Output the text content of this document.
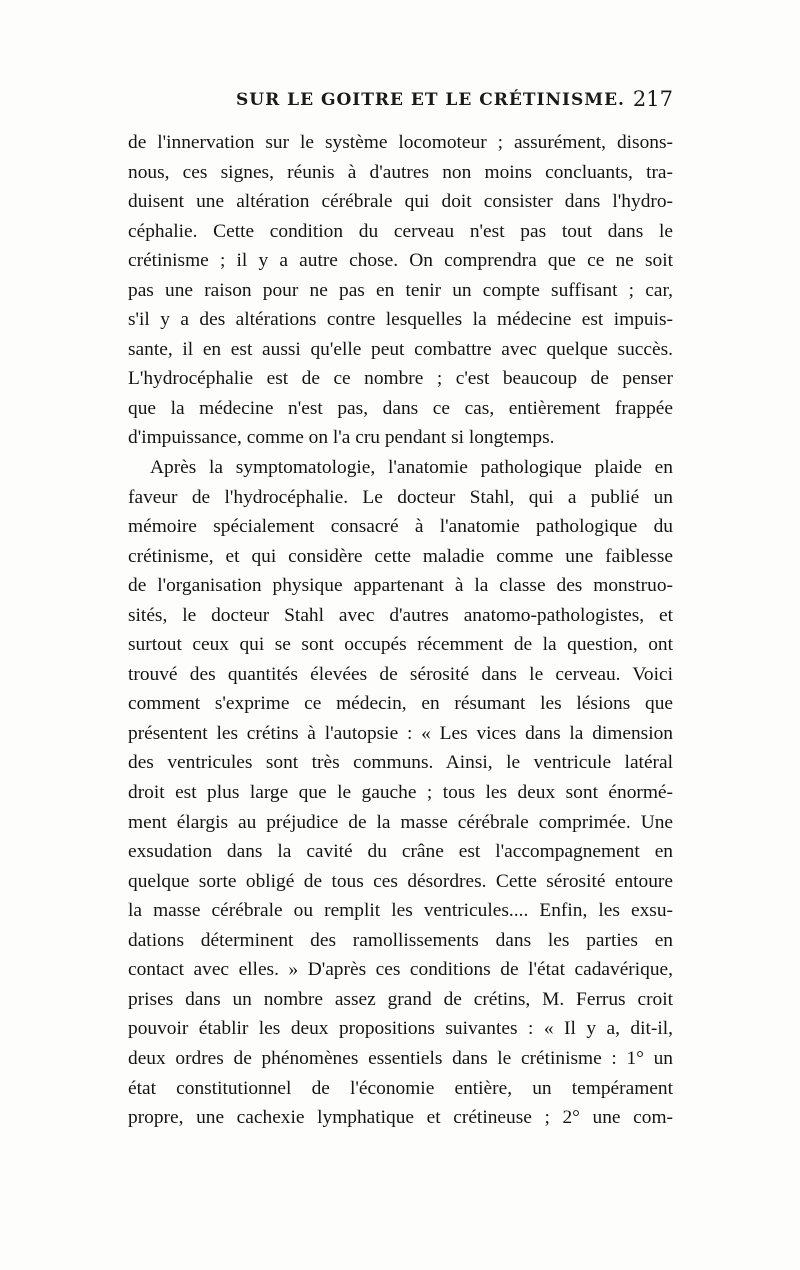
SUR LE GOITRE ET LE CRÉTINISME. 217
de l'innervation sur le système locomoteur ; assurément, disons-
nous, ces signes, réunis à d'autres non moins concluants, tra-
duisent une altération cérébrale qui doit consister dans l'hydro-
céphalie. Cette condition du cerveau n'est pas tout dans le
crétinisme ; il y a autre chose. On comprendra que ce ne soit
pas une raison pour ne pas en tenir un compte suffisant ; car,
s'il y a des altérations contre lesquelles la médecine est impuis-
sante, il en est aussi qu'elle peut combattre avec quelque succès.
L'hydrocéphalie est de ce nombre ; c'est beaucoup de penser
que la médecine n'est pas, dans ce cas, entièrement frappée
d'impuissance, comme on l'a cru pendant si longtemps.
Après la symptomatologie, l'anatomie pathologique plaide en
faveur de l'hydrocéphalie. Le docteur Stahl, qui a publié un
mémoire spécialement consacré à l'anatomie pathologique du
crétinisme, et qui considère cette maladie comme une faiblesse
de l'organisation physique appartenant à la classe des monstruo-
sités, le docteur Stahl avec d'autres anatomo-pathologistes, et
surtout ceux qui se sont occupés récemment de la question, ont
trouvé des quantités élevées de sérosité dans le cerveau. Voici
comment s'exprime ce médecin, en résumant les lésions que
présentent les crétins à l'autopsie : « Les vices dans la dimension
des ventricules sont très communs. Ainsi, le ventricule latéral
droit est plus large que le gauche ; tous les deux sont énormé-
ment élargis au préjudice de la masse cérébrale comprimée. Une
exsudation dans la cavité du crâne est l'accompagnement en
quelque sorte obligé de tous ces désordres. Cette sérosité entoure
la masse cérébrale ou remplit les ventricules.... Enfin, les exsu-
dations déterminent des ramollissements dans les parties en
contact avec elles. » D'après ces conditions de l'état cadavérique,
prises dans un nombre assez grand de crétins, M. Ferrus croit
pouvoir établir les deux propositions suivantes : « Il y a, dit-il,
deux ordres de phénomènes essentiels dans le crétinisme : 1° un
état constitutionnel de l'économie entière, un tempérament
propre, une cachexie lymphatique et crétineuse ; 2° une com-
